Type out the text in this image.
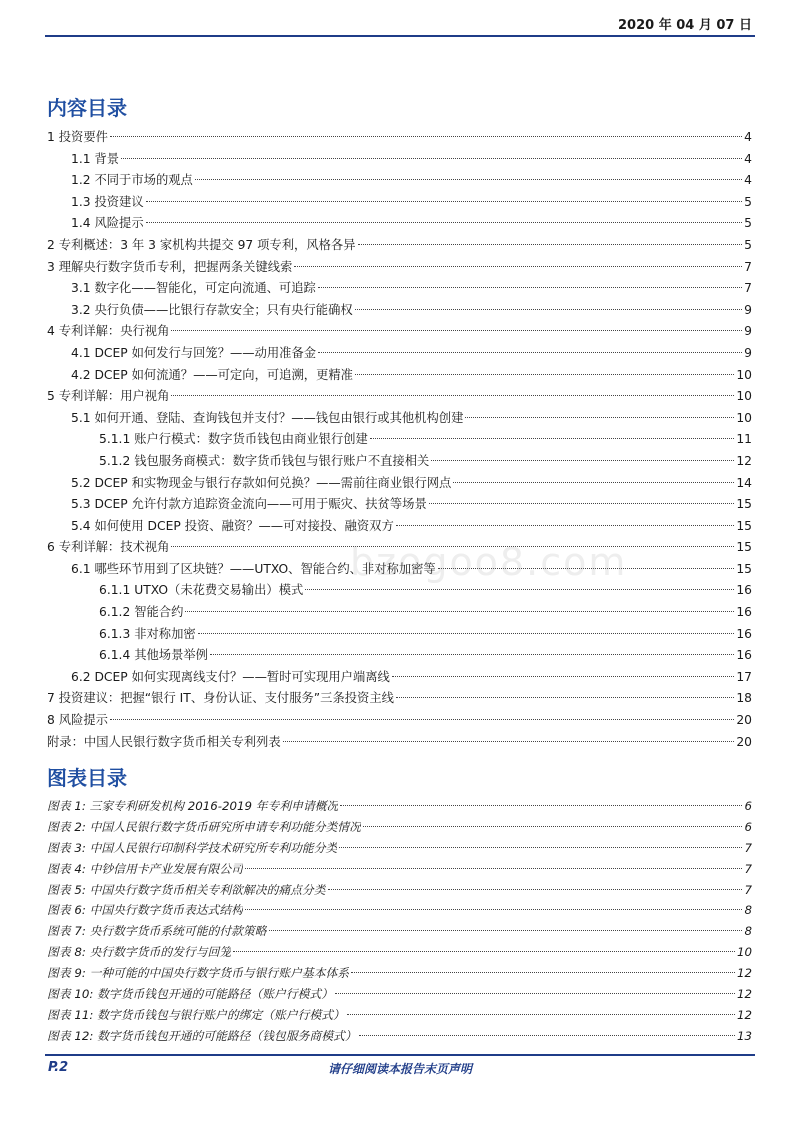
2020 年 04 月 07 日
内容目录
1 投资要件	4
1.1 背景	4
1.2 不同于市场的观点	4
1.3 投资建议	5
1.4 风险提示	5
2 专利概述：3 年 3 家机构共提交 97 项专利，风格各异	5
3 理解央行数字货币专利，把握两条关键线索	7
3.1 数字化——智能化，可定向流通、可追踪	7
3.2 央行负债——比银行存款安全；只有央行能确权	9
4 专利详解：央行视角	9
4.1 DCEP 如何发行与回笼？——动用准备金	9
4.2 DCEP 如何流通？——可定向，可追溯，更精准	10
5 专利详解：用户视角	10
5.1 如何开通、登陆、查询钱包并支付？——钱包由银行或其他机构创建	10
5.1.1 账户行模式：数字货币钱包由商业银行创建	11
5.1.2 钱包服务商模式：数字货币钱包与银行账户不直接相关	12
5.2 DCEP 和实物现金与银行存款如何兑换？——需前往商业银行网点	14
5.3 DCEP 允许付款方追踪资金流向——可用于赈灾、扶贫等场景	15
5.4 如何使用 DCEP 投资、融资？——可对接投、融资双方	15
6 专利详解：技术视角	15
6.1 哪些环节用到了区块链？——UTXO、智能合约、非对称加密等	15
6.1.1 UTXO（未花费交易输出）模式	16
6.1.2 智能合约	16
6.1.3 非对称加密	16
6.1.4 其他场景举例	16
6.2 DCEP 如何实现离线支付？——暂时可实现用户端离线	17
7 投资建议：把握“银行 IT、身份认证、支付服务”三条投资主线	18
8 风险提示	20
附录：中国人民银行数字货币相关专利列表	20
bzogoo8.com
图表目录
图表 1: 三家专利研发机构 2016-2019 年专利申请概况	6
图表 2: 中国人民银行数字货币研究所申请专利功能分类情况	6
图表 3: 中国人民银行印制科学技术研究所专利功能分类	7
图表 4: 中钞信用卡产业发展有限公司	7
图表 5: 中国央行数字货币相关专利欲解决的痛点分类	7
图表 6: 中国央行数字货币表达式结构	8
图表 7: 央行数字货币系统可能的付款策略	8
图表 8: 央行数字货币的发行与回笼	10
图表 9: 一种可能的中国央行数字货币与银行账户基本体系	12
图表 10: 数字货币钱包开通的可能路径（账户行模式）	12
图表 11: 数字货币钱包与银行账户的绑定（账户行模式）	12
图表 12: 数字货币钱包开通的可能路径（钱包服务商模式）	13
P.2	请仔细阅读本报告末页声明
